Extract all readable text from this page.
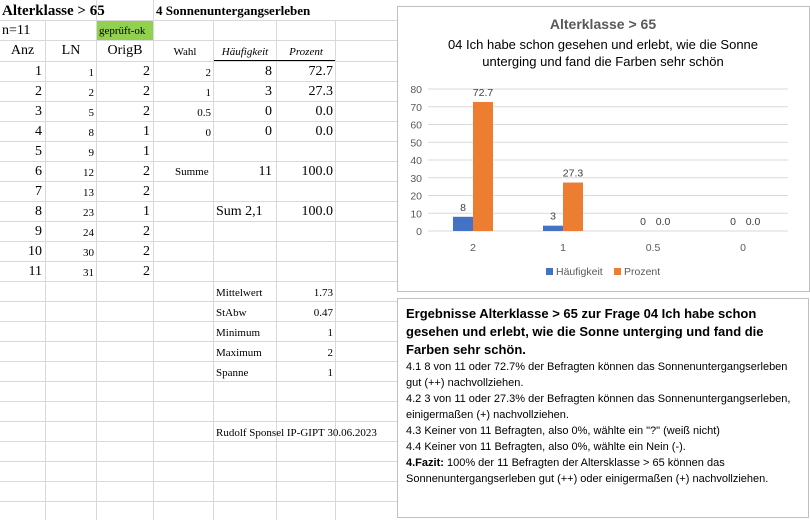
Alterklasse > 65	4 Sonnenuntergangserleben
n=11	geprüft-ok
Anz	LN	OrigB	Wahl	Häufigkeit	Prozent
1	1	2
2	2	2
3	5	2
4	8	1
5	9	1
6	12	2
7	13	2
8	23	1
9	24	2
10	30	2
11	31	2
2	8	72.7
1	3	27.3
0.5	0	0.0
0	0	0.0
Summe	11	100.0
Sum 2,1	100.0
Mittelwert	1.73
StAbw	0.47
Minimum	1
Maximum	2
Spanne	1
Rudolf Sponsel IP-GIPT 30.06.2023
Alterklasse > 65
04 Ich habe schon gesehen und erlebt, wie die Sonne
unterging und fand die Farben sehr schön
0
10
20
30
40
50
60
70
80
8
72.7
2
3
27.3
1
0 0.0
0.5
0 0.0
0
Häufigkeit Prozent
Ergebnisse Alterklasse > 65 zur Frage 04 Ich habe schon gesehen und erlebt, wie die Sonne unterging und fand die Farben sehr schön.
4.1 8 von 11 oder 72.7% der Befragten können das Sonnenuntergangserleben gut (++) nachvollziehen.
4.2 3 von 11 oder 27.3% der Befragten können das Sonnenuntergangserleben, einigermaßen (+) nachvollziehen.
4.3 Keiner von 11 Befragten, also 0%, wählte ein "?" (weiß nicht)
4.4 Keiner von 11 Befragten, also 0%, wählte ein Nein (-).
4.Fazit: 100% der 11 Befragten der Altersklasse > 65 können das Sonnenuntergangserleben gut (++) oder einigermaßen (+) nachvollziehen.
